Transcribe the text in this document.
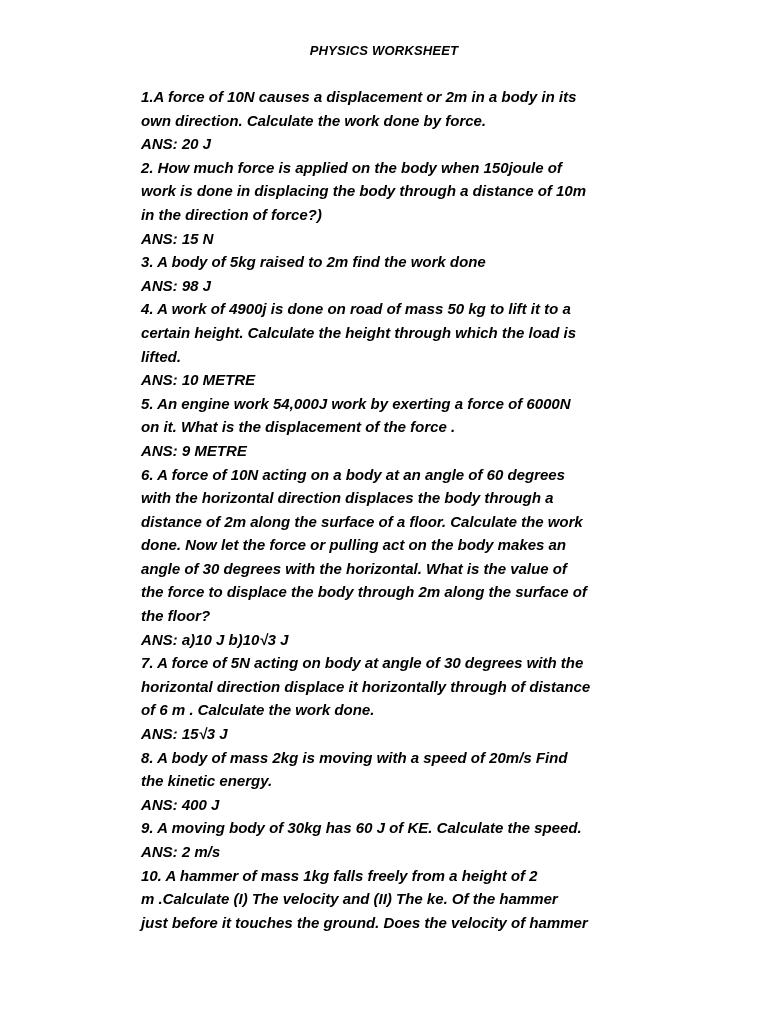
PHYSICS WORKSHEET
1.A force of 10N causes a displacement or 2m in a body in its
own direction. Calculate the work done by force.
ANS: 20 J
2. How much force is applied on the body when 150joule of
work is done in displacing the body through a distance of 10m
in the direction of force?)
ANS: 15 N
3. A body of 5kg raised to 2m find the work done
ANS: 98 J
4. A work of 4900j is done on road of mass 50 kg to lift it to a
certain height. Calculate the height through which the load is
lifted.
ANS: 10 METRE
5. An engine work 54,000J work by exerting a force of 6000N
on it. What is the displacement of the force .
ANS: 9 METRE
6. A force of 10N acting on a body at an angle of 60 degrees
with the horizontal direction displaces the body through a
distance of 2m along the surface of a floor. Calculate the work
done. Now let the force or pulling act on the body makes an
angle of 30 degrees with the horizontal. What is the value of
the force to displace the body through 2m along the surface of
the floor?
ANS: a)10 J b)10√3 J
7. A force of 5N acting on body at angle of 30 degrees with the
horizontal direction displace it horizontally through of distance
of 6 m . Calculate the work done.
ANS: 15√3 J
8. A body of mass 2kg is moving with a speed of 20m/s Find
the kinetic energy.
ANS: 400 J
9. A moving body of 30kg has 60 J of KE. Calculate the speed.
ANS: 2 m/s
10. A hammer of mass 1kg falls freely from a height of 2
m .Calculate (I) The velocity and (II) The ke. Of the hammer
just before it touches the ground. Does the velocity of hammer
